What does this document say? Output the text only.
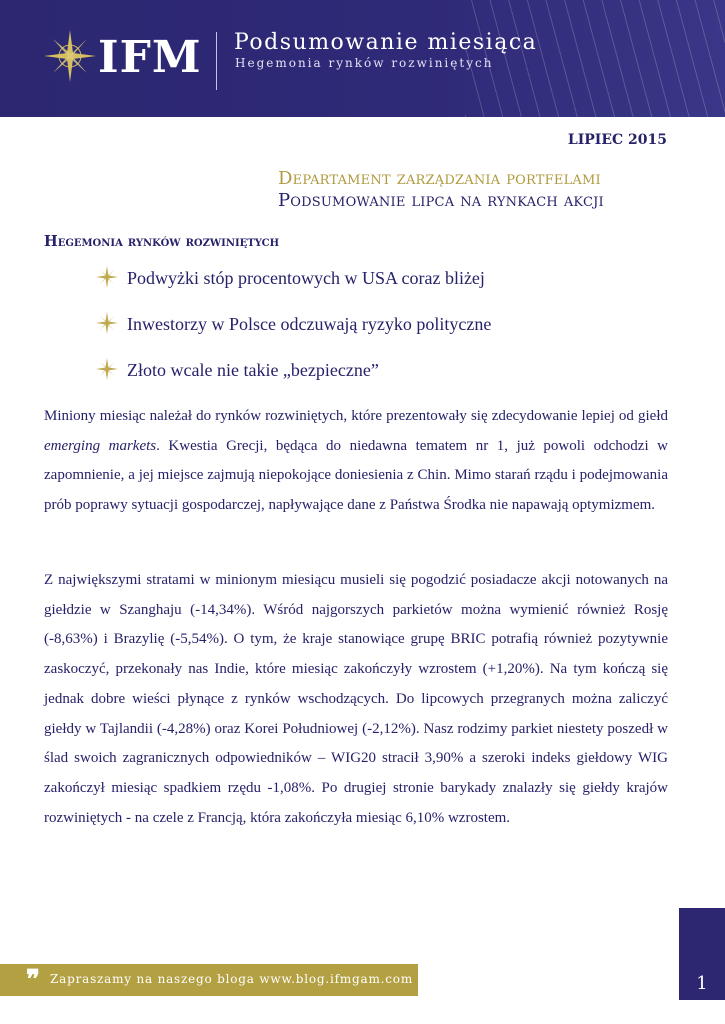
IFM Podsumowanie miesiąca
Hegemonia rynków rozwiniętych
LIPIEC 2015
Departament zarządzania portfelami
Podsumowanie lipca na rynkach akcji
Hegemonia rynków rozwiniętych
Podwyżki stóp procentowych w USA coraz bliżej
Inwestorzy w Polsce odczuwają ryzyko polityczne
Złoto wcale nie takie „bezpieczne”

Miniony miesiąc należał do rynków rozwiniętych, które prezentowały się zdecydowanie lepiej od giełd emerging markets. Kwestia Grecji, będąca do niedawna tematem nr 1, już powoli odchodzi w zapomnienie, a jej miejsce zajmują niepokojące doniesienia z Chin. Mimo starań rządu i podejmowania prób poprawy sytuacji gospodarczej, napływające dane z Państwa Środka nie napawają optymizmem.

Z największymi stratami w minionym miesiącu musieli się pogodzić posiadacze akcji notowanych na giełdzie w Szanghaju (-14,34%). Wśród najgorszych parkietów można wymienić również Rosję (-8,63%) i Brazylię (-5,54%). O tym, że kraje stanowiące grupę BRIC potrafią również pozytywnie zaskoczyć, przekonały nas Indie, które miesiąc zakończyły wzrostem (+1,20%). Na tym kończą się jednak dobre wieści płynące z rynków wschodzących. Do lipcowych przegranych można zaliczyć giełdy w Tajlandii (-4,28%) oraz Korei Południowej (-2,12%). Nasz rodzimy parkiet niestety poszedł w ślad swoich zagranicznych odpowiedników – WIG20 stracił 3,90% a szeroki indeks giełdowy WIG zakończył miesiąc spadkiem rzędu -1,08%. Po drugiej stronie barykady znalazły się giełdy krajów rozwiniętych - na czele z Francją, która zakończyła miesiąc 6,10% wzrostem.

1
❞ Zapraszamy na naszego bloga www.blog.ifmgam.com
